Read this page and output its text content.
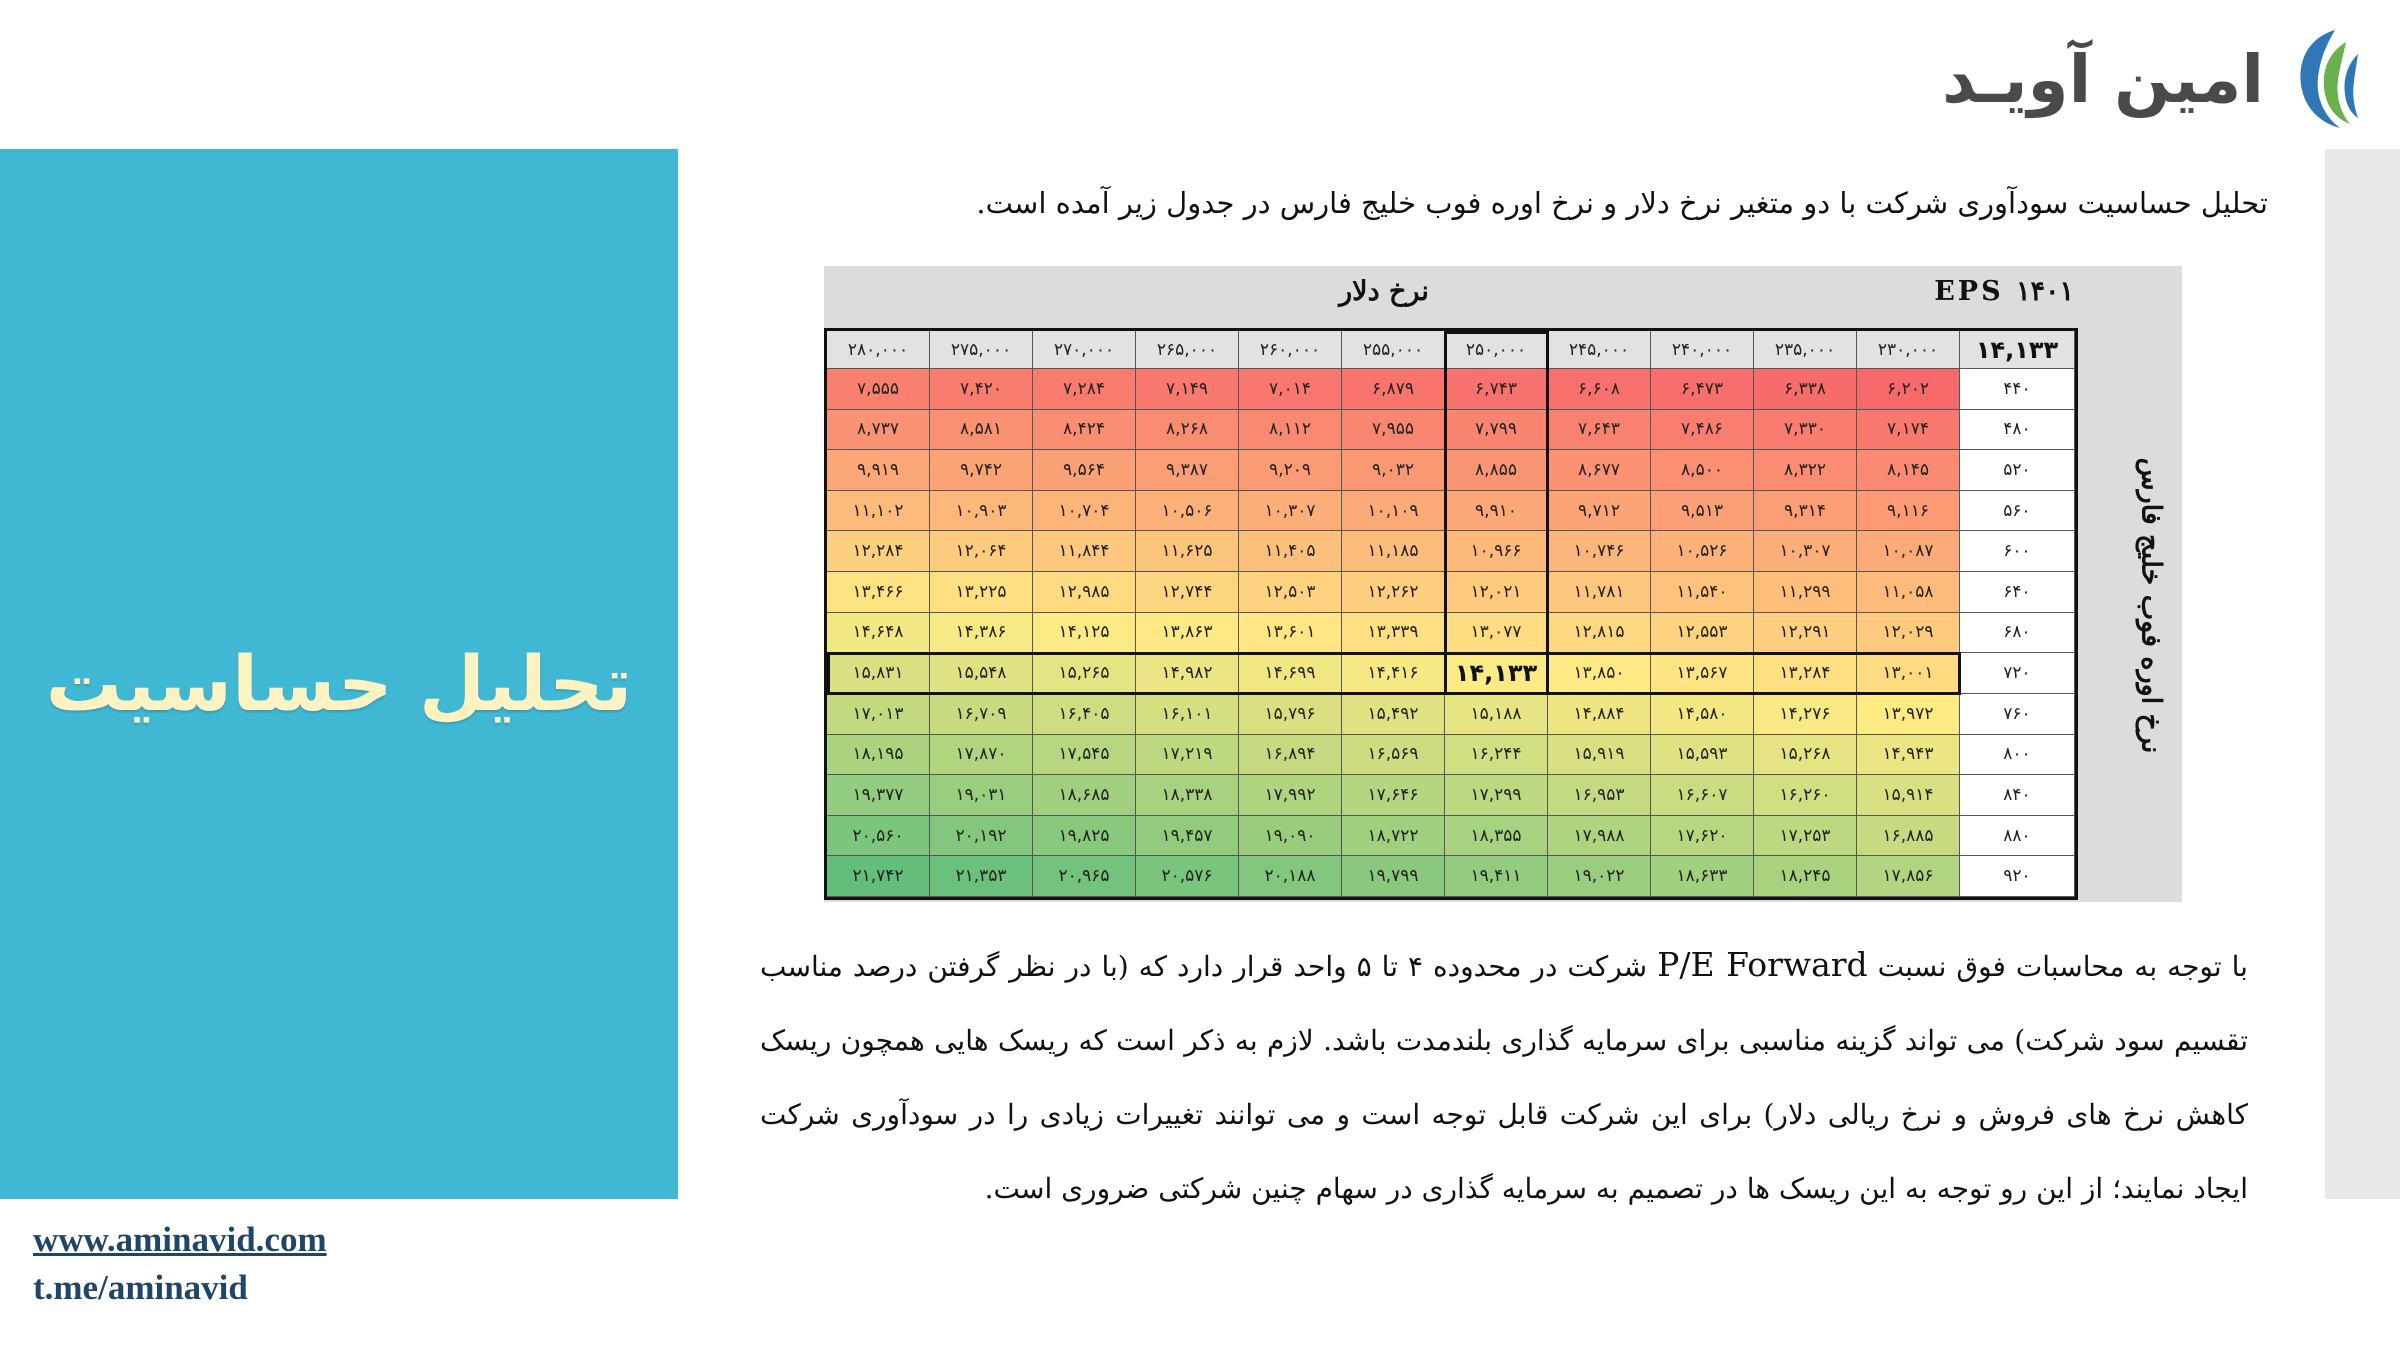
امین آویـد
تحلیل حساسیت
تحلیل حساسیت سودآوری شرکت با دو متغیر نرخ دلار و نرخ اوره فوب خلیج فارس در جدول زیر آمده است.
نرخ دلار	EPS ۱۴۰۱
نرخ اوره فوب خلیج فارس
۲۸۰,۰۰۰	۲۷۵,۰۰۰	۲۷۰,۰۰۰	۲۶۵,۰۰۰	۲۶۰,۰۰۰	۲۵۵,۰۰۰	۲۵۰,۰۰۰	۲۴۵,۰۰۰	۲۴۰,۰۰۰	۲۳۵,۰۰۰	۲۳۰,۰۰۰	۱۴,۱۳۳
۷,۵۵۵	۷,۴۲۰	۷,۲۸۴	۷,۱۴۹	۷,۰۱۴	۶,۸۷۹	۶,۷۴۳	۶,۶۰۸	۶,۴۷۳	۶,۳۳۸	۶,۲۰۲	۴۴۰
۸,۷۳۷	۸,۵۸۱	۸,۴۲۴	۸,۲۶۸	۸,۱۱۲	۷,۹۵۵	۷,۷۹۹	۷,۶۴۳	۷,۴۸۶	۷,۳۳۰	۷,۱۷۴	۴۸۰
۹,۹۱۹	۹,۷۴۲	۹,۵۶۴	۹,۳۸۷	۹,۲۰۹	۹,۰۳۲	۸,۸۵۵	۸,۶۷۷	۸,۵۰۰	۸,۳۲۲	۸,۱۴۵	۵۲۰
۱۱,۱۰۲	۱۰,۹۰۳	۱۰,۷۰۴	۱۰,۵۰۶	۱۰,۳۰۷	۱۰,۱۰۹	۹,۹۱۰	۹,۷۱۲	۹,۵۱۳	۹,۳۱۴	۹,۱۱۶	۵۶۰
۱۲,۲۸۴	۱۲,۰۶۴	۱۱,۸۴۴	۱۱,۶۲۵	۱۱,۴۰۵	۱۱,۱۸۵	۱۰,۹۶۶	۱۰,۷۴۶	۱۰,۵۲۶	۱۰,۳۰۷	۱۰,۰۸۷	۶۰۰
۱۳,۴۶۶	۱۳,۲۲۵	۱۲,۹۸۵	۱۲,۷۴۴	۱۲,۵۰۳	۱۲,۲۶۲	۱۲,۰۲۱	۱۱,۷۸۱	۱۱,۵۴۰	۱۱,۲۹۹	۱۱,۰۵۸	۶۴۰
۱۴,۶۴۸	۱۴,۳۸۶	۱۴,۱۲۵	۱۳,۸۶۳	۱۳,۶۰۱	۱۳,۳۳۹	۱۳,۰۷۷	۱۲,۸۱۵	۱۲,۵۵۳	۱۲,۲۹۱	۱۲,۰۲۹	۶۸۰
۱۵,۸۳۱	۱۵,۵۴۸	۱۵,۲۶۵	۱۴,۹۸۲	۱۴,۶۹۹	۱۴,۴۱۶	۱۴,۱۳۳	۱۳,۸۵۰	۱۳,۵۶۷	۱۳,۲۸۴	۱۳,۰۰۱	۷۲۰
۱۷,۰۱۳	۱۶,۷۰۹	۱۶,۴۰۵	۱۶,۱۰۱	۱۵,۷۹۶	۱۵,۴۹۲	۱۵,۱۸۸	۱۴,۸۸۴	۱۴,۵۸۰	۱۴,۲۷۶	۱۳,۹۷۲	۷۶۰
۱۸,۱۹۵	۱۷,۸۷۰	۱۷,۵۴۵	۱۷,۲۱۹	۱۶,۸۹۴	۱۶,۵۶۹	۱۶,۲۴۴	۱۵,۹۱۹	۱۵,۵۹۳	۱۵,۲۶۸	۱۴,۹۴۳	۸۰۰
۱۹,۳۷۷	۱۹,۰۳۱	۱۸,۶۸۵	۱۸,۳۳۸	۱۷,۹۹۲	۱۷,۶۴۶	۱۷,۲۹۹	۱۶,۹۵۳	۱۶,۶۰۷	۱۶,۲۶۰	۱۵,۹۱۴	۸۴۰
۲۰,۵۶۰	۲۰,۱۹۲	۱۹,۸۲۵	۱۹,۴۵۷	۱۹,۰۹۰	۱۸,۷۲۲	۱۸,۳۵۵	۱۷,۹۸۸	۱۷,۶۲۰	۱۷,۲۵۳	۱۶,۸۸۵	۸۸۰
۲۱,۷۴۲	۲۱,۳۵۳	۲۰,۹۶۵	۲۰,۵۷۶	۲۰,۱۸۸	۱۹,۷۹۹	۱۹,۴۱۱	۱۹,۰۲۲	۱۸,۶۳۳	۱۸,۲۴۵	۱۷,۸۵۶	۹۲۰
با توجه به محاسبات فوق نسبت P/E Forward شرکت در محدوده ۴ تا ۵ واحد قرار دارد که (با در نظر گرفتن درصد مناسب تقسیم سود شرکت) می تواند گزینه مناسبی برای سرمایه گذاری بلندمدت باشد. لازم به ذکر است که ریسک هایی همچون ریسک کاهش نرخ های فروش و نرخ ریالی دلار) برای این شرکت قابل توجه است و می توانند تغییرات زیادی را در سودآوری شرکت ایجاد نمایند؛ از این رو توجه به این ریسک ها در تصمیم به سرمایه گذاری در سهام چنین شرکتی ضروری است.
www.aminavid.com
t.me/aminavid
